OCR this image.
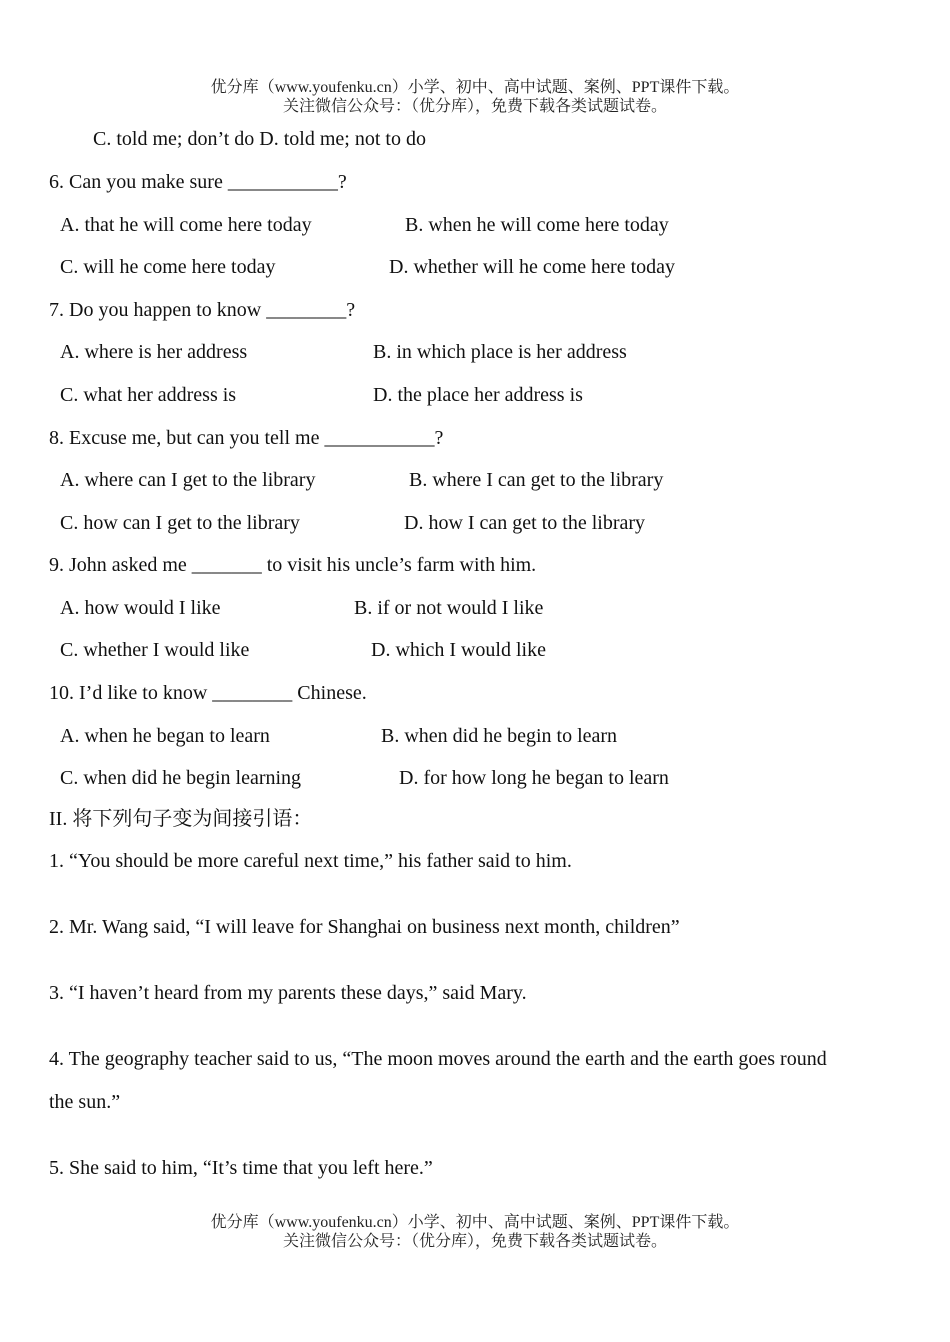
优分库（www.youfenku.cn）小学、初中、高中试题、案例、PPT课件下载。
关注微信公众号：（优分库），免费下载各类试题试卷。
C. told me; don’t do D. told me; not to do
6. Can you make sure ___________?
A. that he will come here today	B. when he will come here today
C. will he come here today	D. whether will he come here today
7. Do you happen to know ________?
A. where is her address	B. in which place is her address
C. what her address is	D. the place her address is
8. Excuse me, but can you tell me ___________?
A. where can I get to the library	B. where I can get to the library
C. how can I get to the library	D. how I can get to the library
9. John asked me _______ to visit his uncle’s farm with him.
A. how would I like	B. if or not would I like
C. whether I would like	D. which I would like
10. I’d like to know ________ Chinese.
A. when he began to learn	B. when did he begin to learn
C. when did he begin learning	D. for how long he began to learn
II. 将下列句子变为间接引语：
1. “You should be more careful next time,” his father said to him.
2. Mr. Wang said, “I will leave for Shanghai on business next month, children”
3. “I haven’t heard from my parents these days,” said Mary.
4. The geography teacher said to us, “The moon moves around the earth and the earth goes round
the sun.”
5. She said to him, “It’s time that you left here.”
优分库（www.youfenku.cn）小学、初中、高中试题、案例、PPT课件下载。
关注微信公众号：（优分库），免费下载各类试题试卷。
